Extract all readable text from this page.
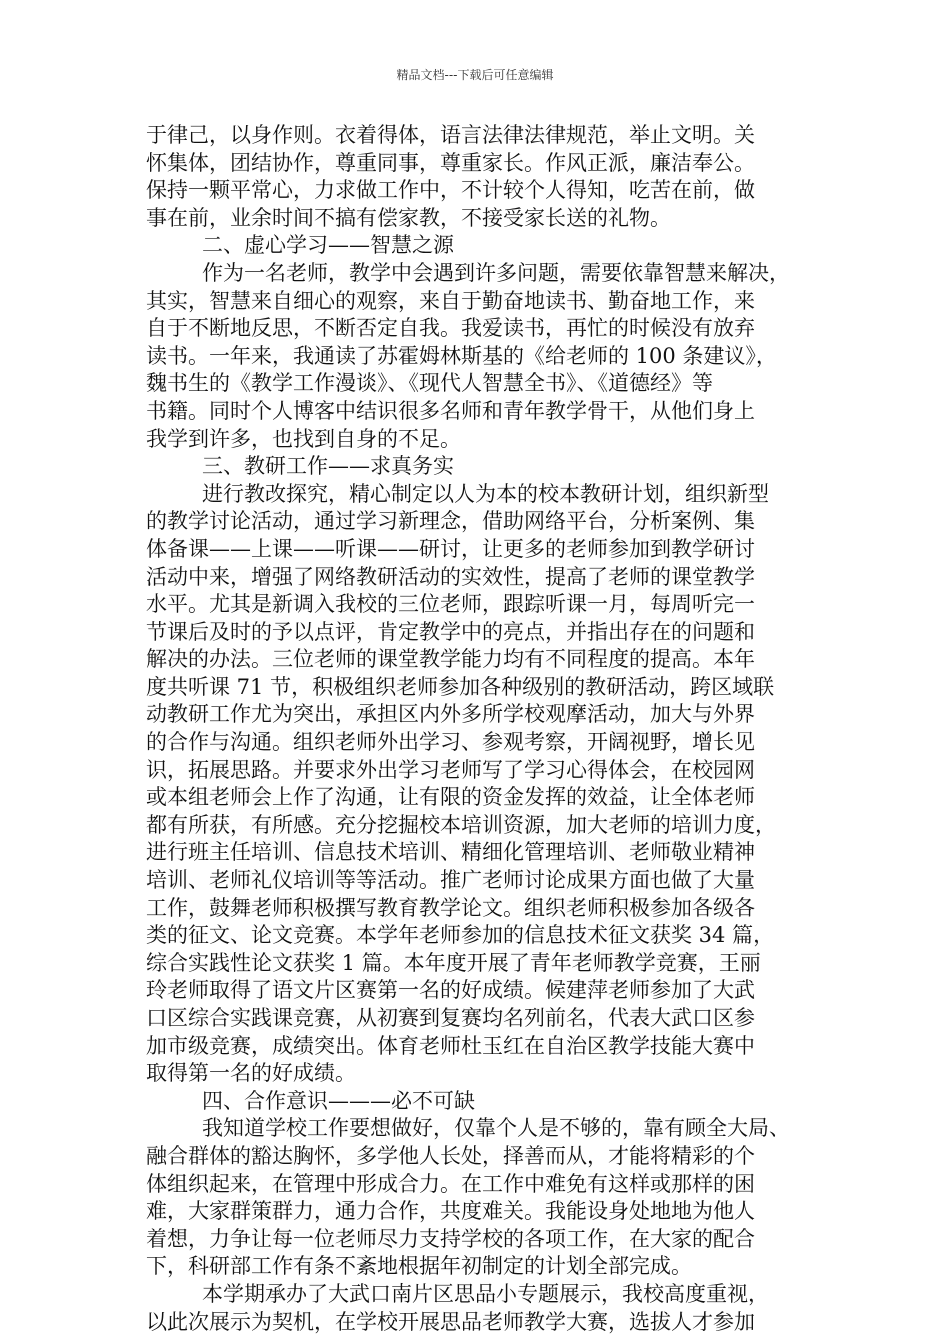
精品文档---下载后可任意编辑
于律己，以身作则。衣着得体，语言法律法律规范，举止文明。关
怀集体，团结协作，尊重同事，尊重家长。作风正派，廉洁奉公。
保持一颗平常心，力求做工作中，不计较个人得知，吃苦在前，做
事在前，业余时间不搞有偿家教，不接受家长送的礼物。
二、虚心学习——智慧之源
作为一名老师，教学中会遇到许多问题，需要依靠智慧来解决，
其实，智慧来自细心的观察，来自于勤奋地读书、勤奋地工作，来
自于不断地反思，不断否定自我。我爱读书，再忙的时候没有放弃
读书。一年来，我通读了苏霍姆林斯基的《给老师的 100 条建议》，
魏书生的《教学工作漫谈》、《现代人智慧全书》、《道德经》等
书籍。同时个人博客中结识很多名师和青年教学骨干，从他们身上
我学到许多，也找到自身的不足。
三、教研工作——求真务实
进行教改探究，精心制定以人为本的校本教研计划，组织新型
的教学讨论活动，通过学习新理念，借助网络平台，分析案例、集
体备课——上课——听课——研讨，让更多的老师参加到教学研讨
活动中来，增强了网络教研活动的实效性，提高了老师的课堂教学
水平。尤其是新调入我校的三位老师，跟踪听课一月，每周听完一
节课后及时的予以点评，肯定教学中的亮点，并指出存在的问题和
解决的办法。三位老师的课堂教学能力均有不同程度的提高。本年
度共听课 71 节，积极组织老师参加各种级别的教研活动，跨区域联
动教研工作尤为突出，承担区内外多所学校观摩活动，加大与外界
的合作与沟通。组织老师外出学习、参观考察，开阔视野，增长见
识，拓展思路。并要求外出学习老师写了学习心得体会，在校园网
或本组老师会上作了沟通，让有限的资金发挥的效益，让全体老师
都有所获，有所感。充分挖掘校本培训资源，加大老师的培训力度，
进行班主任培训、信息技术培训、精细化管理培训、老师敬业精神
培训、老师礼仪培训等等活动。推广老师讨论成果方面也做了大量
工作，鼓舞老师积极撰写教育教学论文。组织老师积极参加各级各
类的征文、论文竞赛。本学年老师参加的信息技术征文获奖 34 篇，
综合实践性论文获奖 1 篇。本年度开展了青年老师教学竞赛，王丽
玲老师取得了语文片区赛第一名的好成绩。候建萍老师参加了大武
口区综合实践课竞赛，从初赛到复赛均名列前名，代表大武口区参
加市级竞赛，成绩突出。体育老师杜玉红在自治区教学技能大赛中
取得第一名的好成绩。
四、合作意识———必不可缺
我知道学校工作要想做好，仅靠个人是不够的，靠有顾全大局、
融合群体的豁达胸怀，多学他人长处，择善而从，才能将精彩的个
体组织起来，在管理中形成合力。在工作中难免有这样或那样的困
难，大家群策群力，通力合作，共度难关。我能设身处地地为他人
着想，力争让每一位老师尽力支持学校的各项工作，在大家的配合
下，科研部工作有条不紊地根据年初制定的计划全部完成。
本学期承办了大武口南片区思品小专题展示，我校高度重视，
以此次展示为契机，在学校开展思品老师教学大赛，选拔人才参加
